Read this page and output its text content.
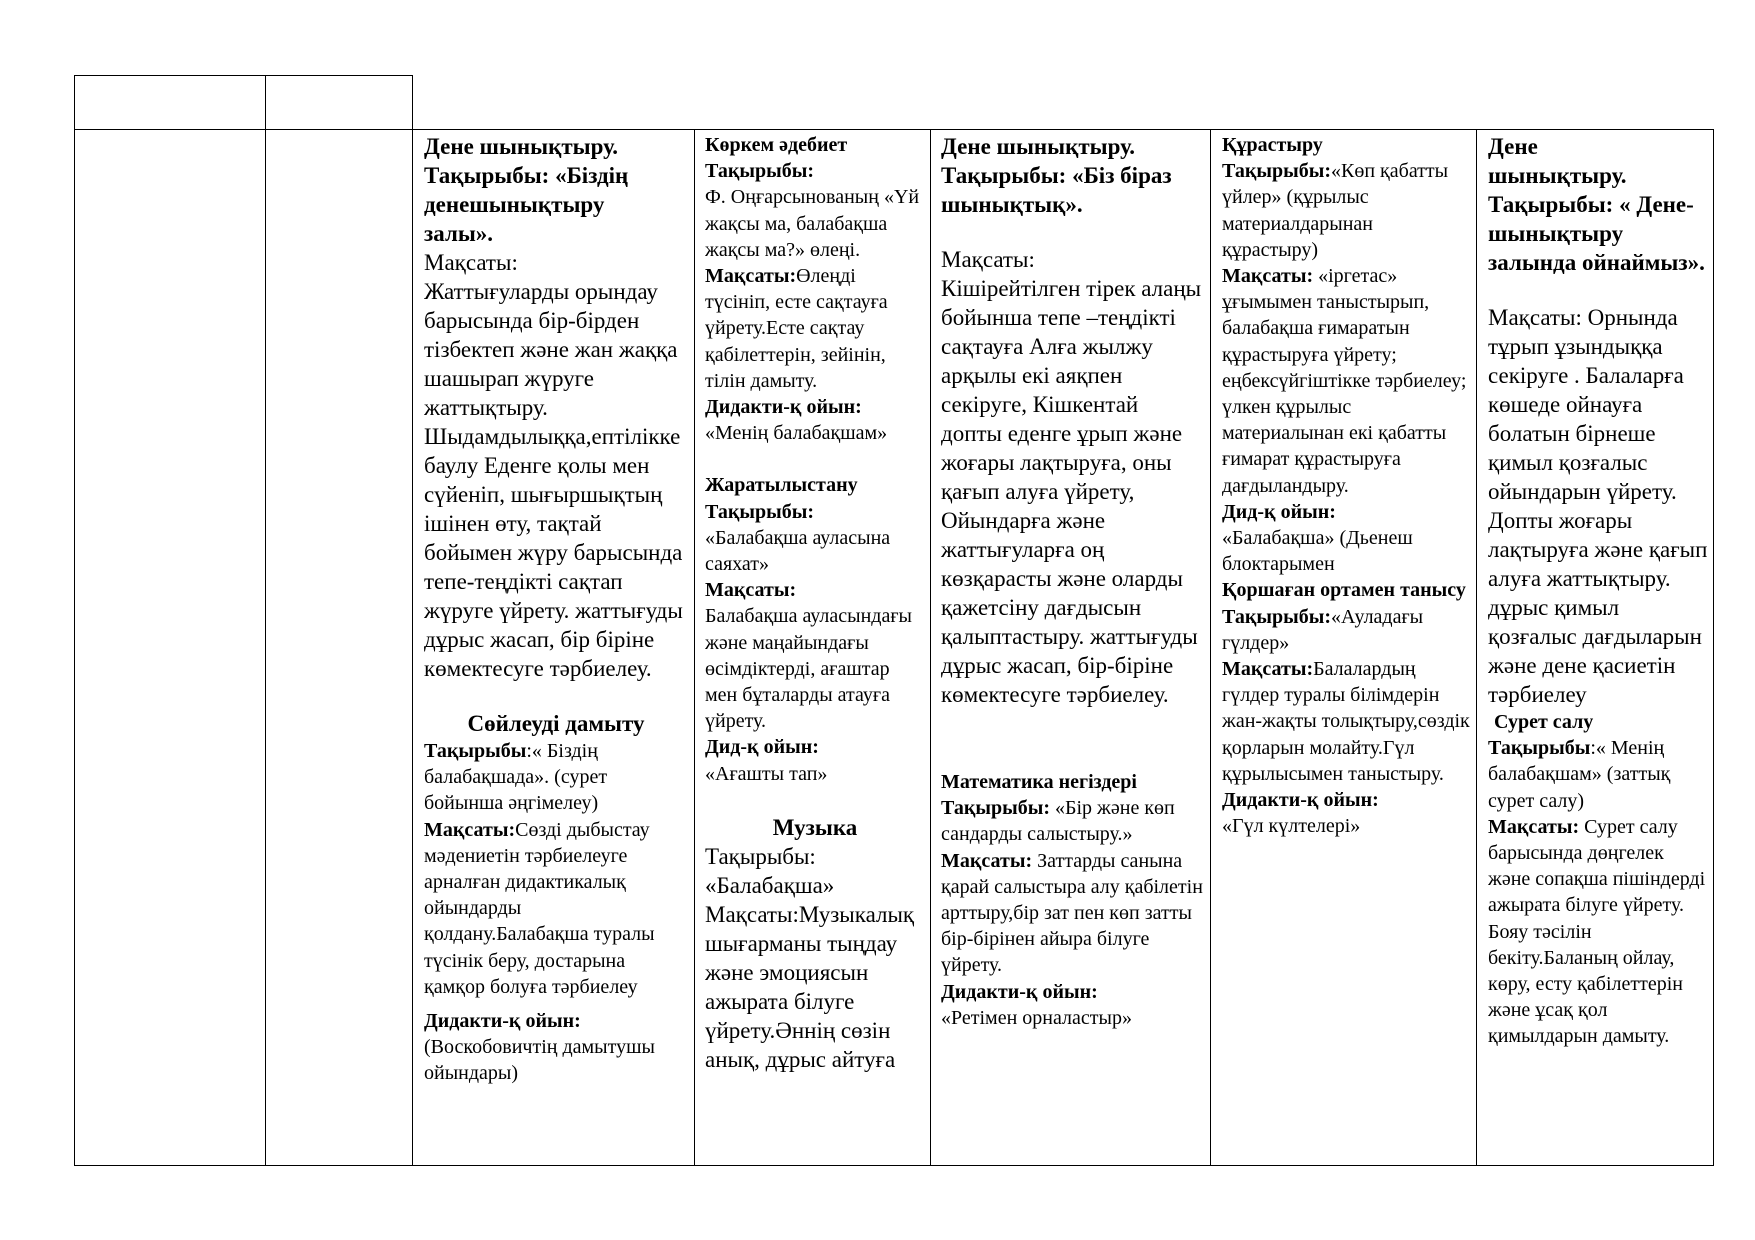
Дене шынықтыру.

Тақырыбы: «Біздің

денешынықтыру

залы».

Мақсаты:

Жаттығуларды орындау барысында бір-бірден тізбектеп және жан жаққа шашырап жүруге жаттықтыру. Шыдамдылыққа,ептілікке баулу Еденге қолы мен сүйеніп, шығыршықтың ішінен өту, тақтай бойымен жүру барысында тепе-теңдікті сақтап жүруге үйрету. жаттығуды дұрыс жасап, бір біріне көмектесуге тәрбиелеу.

Сөйлеуді дамыту

Тақырыбы:« Біздің балабақшада». (сурет бойынша әңгімелеу)

Мақсаты:Сөзді дыбыстау мәдениетін тәрбиелеуге арналған дидактикалық ойындарды қолдану.Балабақша туралы түсінік беру, достарына қамқор болуға тәрбиелеу

Дидакти-қ ойын:

(Воскобовичтің дамытушы ойындары)

Көркем әдебиет

Тақырыбы:

Ф. Оңғарсынованың «Үй жақсы ма, балабақша жақсы ма?» өлеңі.

Мақсаты:Өлеңді түсініп, есте сақтауға үйрету.Есте сақтау қабілеттерін, зейінін, тілін дамыту.

Дидакти-қ ойын:

«Менің балабақшам»

Жаратылыстану

Тақырыбы:

«Балабақша ауласына саяхат»

Мақсаты:

Балабақша ауласындағы және маңайындағы өсімдіктерді, ағаштар мен бұталарды атауға үйрету.

Дид-қ ойын:

«Ағашты тап»

Музыка

Тақырыбы:

«Балабақша»

Мақсаты:Музыкалық шығарманы тыңдау және эмоциясын ажырата білуге үйрету.Әннің сөзін анық, дұрыс айтуға

Дене шынықтыру.

Тақырыбы: «Біз біраз шынықтық».

Мақсаты:

Кішірейтілген тірек алаңы бойынша тепе –теңдікті сақтауға Алға жылжу арқылы екі аяқпен секіруге, Кішкентай допты еденге ұрып және жоғары лақтыруға, оны қағып алуға үйрету, Ойындарға және жаттығуларға оң көзқарасты және оларды қажетсіну дағдысын қалыптастыру. жаттығуды дұрыс жасап, бір-біріне көмектесуге тәрбиелеу.

Математика негіздері

Тақырыбы: «Бір және көп сандарды салыстыру.»

Мақсаты: Заттарды санына қарай салыстыра алу қабілетін арттыру,бір зат пен көп затты бір-бірінен айыра білуге үйрету.

Дидакти-қ ойын:

«Ретімен орналастыр»

Құрастыру

Тақырыбы:«Көп қабатты үйлер» (құрылыс материалдарынан құрастыру)

Мақсаты: «іргетас» ұғымымен таныстырып, балабақша ғимаратын құрастыруға үйрету; еңбексүйгіштікке тәрбиелеу; үлкен құрылыс материалынан екі қабатты ғимарат құрастыруға дағдыландыру.

Дид-қ ойын:

«Балабақша» (Дьенеш блоктарымен

Қоршаған ортамен танысу

Тақырыбы:«Ауладағы гүлдер»

Мақсаты:Балалардың гүлдер туралы білімдерін жан-жақты толықтыру,сөздік қорларын молайту.Гүл құрылысымен таныстыру.

Дидакти-қ ойын:

«Гүл күлтелері»

Дене

шынықтыру.

Тақырыбы: « Дене-шынықтыру залында ойнаймыз».

Мақсаты: Орнында тұрып ұзындыққа секіруге . Балаларға көшеде ойнауға болатын бірнеше қимыл қозғалыс ойындарын үйрету. Допты жоғары лақтыруға және қағып алуға жаттықтыру. дұрыс қимыл қозғалыс дағдыларын және дене қасиетін тәрбиелеу

Сурет салу

Тақырыбы:« Менің балабақшам» (заттық сурет салу)

Мақсаты: Сурет салу барысында дөңгелек және сопақша пішіндерді ажырата білуге үйрету. Бояу тәсілін бекіту.Баланың ойлау, көру, есту қабілеттерін және ұсақ қол қимылдарын дамыту.
